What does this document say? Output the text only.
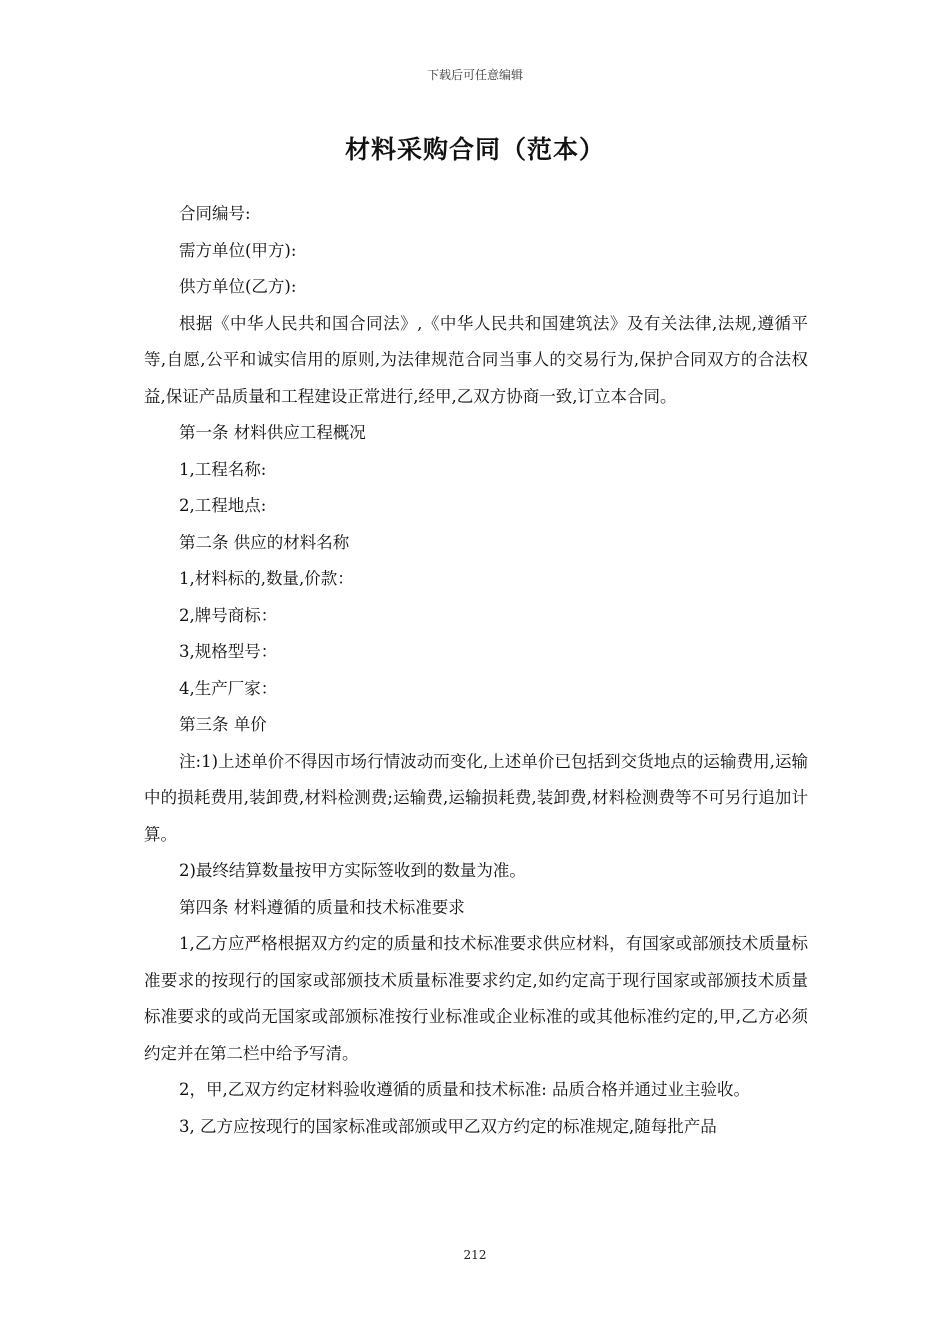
下载后可任意编辑
材料采购合同（范本）

合同编号:

需方单位(甲方):

供方单位(乙方):

根据《中华人民共和国合同法》,《中华人民共和国建筑法》及有关法律,法规,遵循平等,自愿,公平和诚实信用的原则,为法律规范合同当事人的交易行为,保护合同双方的合法权益,保证产品质量和工程建设正常进行,经甲,乙双方协商一致,订立本合同。

第一条 材料供应工程概况

1,工程名称:

2,工程地点:

第二条 供应的材料名称

1,材料标的,数量,价款：

2,牌号商标：

3,规格型号：

4,生产厂家：

第三条 单价

注:1)上述单价不得因市场行情波动而变化,上述单价已包括到交货地点的运输费用,运输中的损耗费用,装卸费,材料检测费;运输费,运输损耗费,装卸费,材料检测费等不可另行追加计算。

2)最终结算数量按甲方实际签收到的数量为准。

第四条 材料遵循的质量和技术标准要求

1,乙方应严格根据双方约定的质量和技术标准要求供应材料，有国家或部颁技术质量标准要求的按现行的国家或部颁技术质量标准要求约定,如约定高于现行国家或部颁技术质量标准要求的或尚无国家或部颁标准按行业标准或企业标准的或其他标准约定的,甲,乙方必须约定并在第二栏中给予写清。

2，甲,乙双方约定材料验收遵循的质量和技术标准: 品质合格并通过业主验收。

3, 乙方应按现行的国家标准或部颁或甲乙双方约定的标准规定,随每批产品

212
